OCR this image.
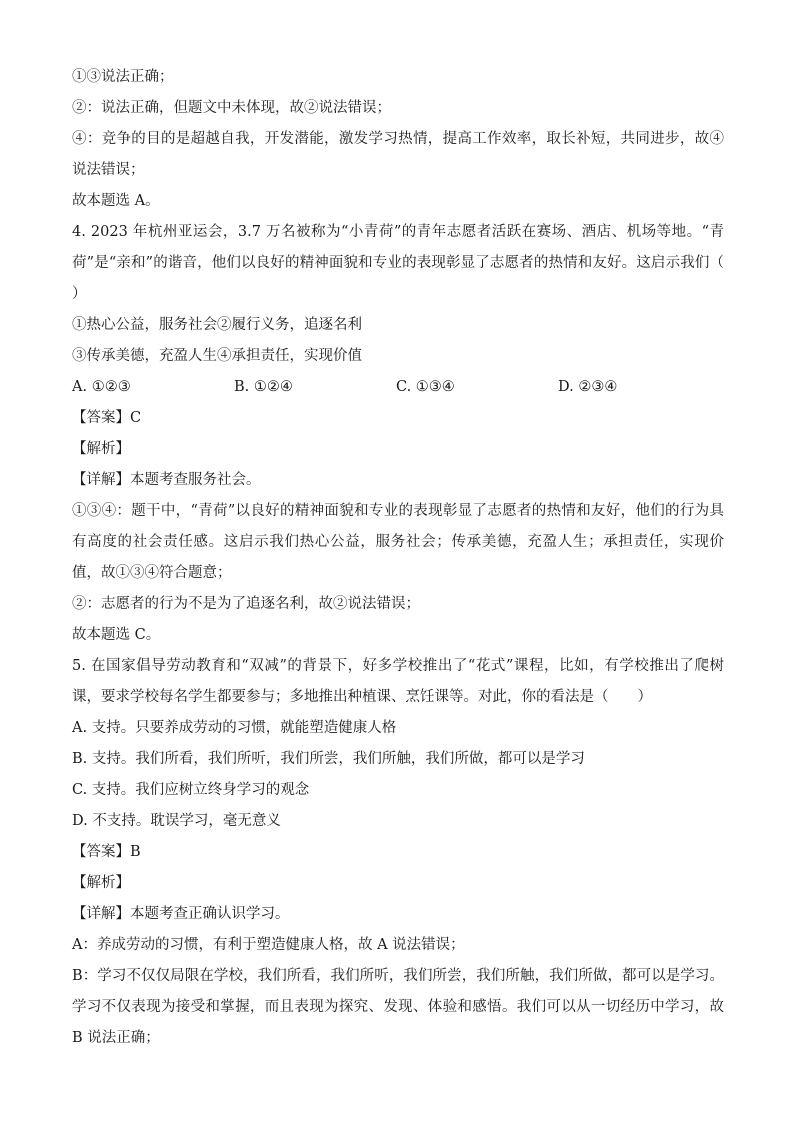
①③说法正确；
②：说法正确，但题文中未体现，故②说法错误；
④：竞争的目的是超越自我，开发潜能，激发学习热情，提高工作效率，取长补短，共同进步，故④说法错误；
故本题选 A。
4. 2023 年杭州亚运会，3.7 万名被称为“小青荷”的青年志愿者活跃在赛场、酒店、机场等地。“青荷”是“亲和”的谐音，他们以良好的精神面貌和专业的表现彰显了志愿者的热情和友好。这启示我们（　　）
①热心公益，服务社会②履行义务，追逐名利
③传承美德，充盈人生④承担责任，实现价值
A. ①②③	B. ①②④	C. ①③④	D. ②③④
【答案】C
【解析】
【详解】本题考查服务社会。
①③④：题干中，“青荷”以良好的精神面貌和专业的表现彰显了志愿者的热情和友好，他们的行为具有高度的社会责任感。这启示我们热心公益，服务社会；传承美德，充盈人生；承担责任，实现价值，故①③④符合题意；
②：志愿者的行为不是为了追逐名利，故②说法错误；
故本题选 C。
5. 在国家倡导劳动教育和“双减”的背景下，好多学校推出了“花式”课程，比如，有学校推出了爬树课，要求学校每名学生都要参与；多地推出种植课、烹饪课等。对此，你的看法是（　　）
A. 支持。只要养成劳动的习惯，就能塑造健康人格
B. 支持。我们所看，我们所听，我们所尝，我们所触，我们所做，都可以是学习
C. 支持。我们应树立终身学习的观念
D. 不支持。耽误学习，毫无意义
【答案】B
【解析】
【详解】本题考查正确认识学习。
A：养成劳动的习惯，有利于塑造健康人格，故 A 说法错误；
B：学习不仅仅局限在学校，我们所看，我们所听，我们所尝，我们所触，我们所做，都可以是学习。学习不仅表现为接受和掌握，而且表现为探究、发现、体验和感悟。我们可以从一切经历中学习，故 B 说法正确；
